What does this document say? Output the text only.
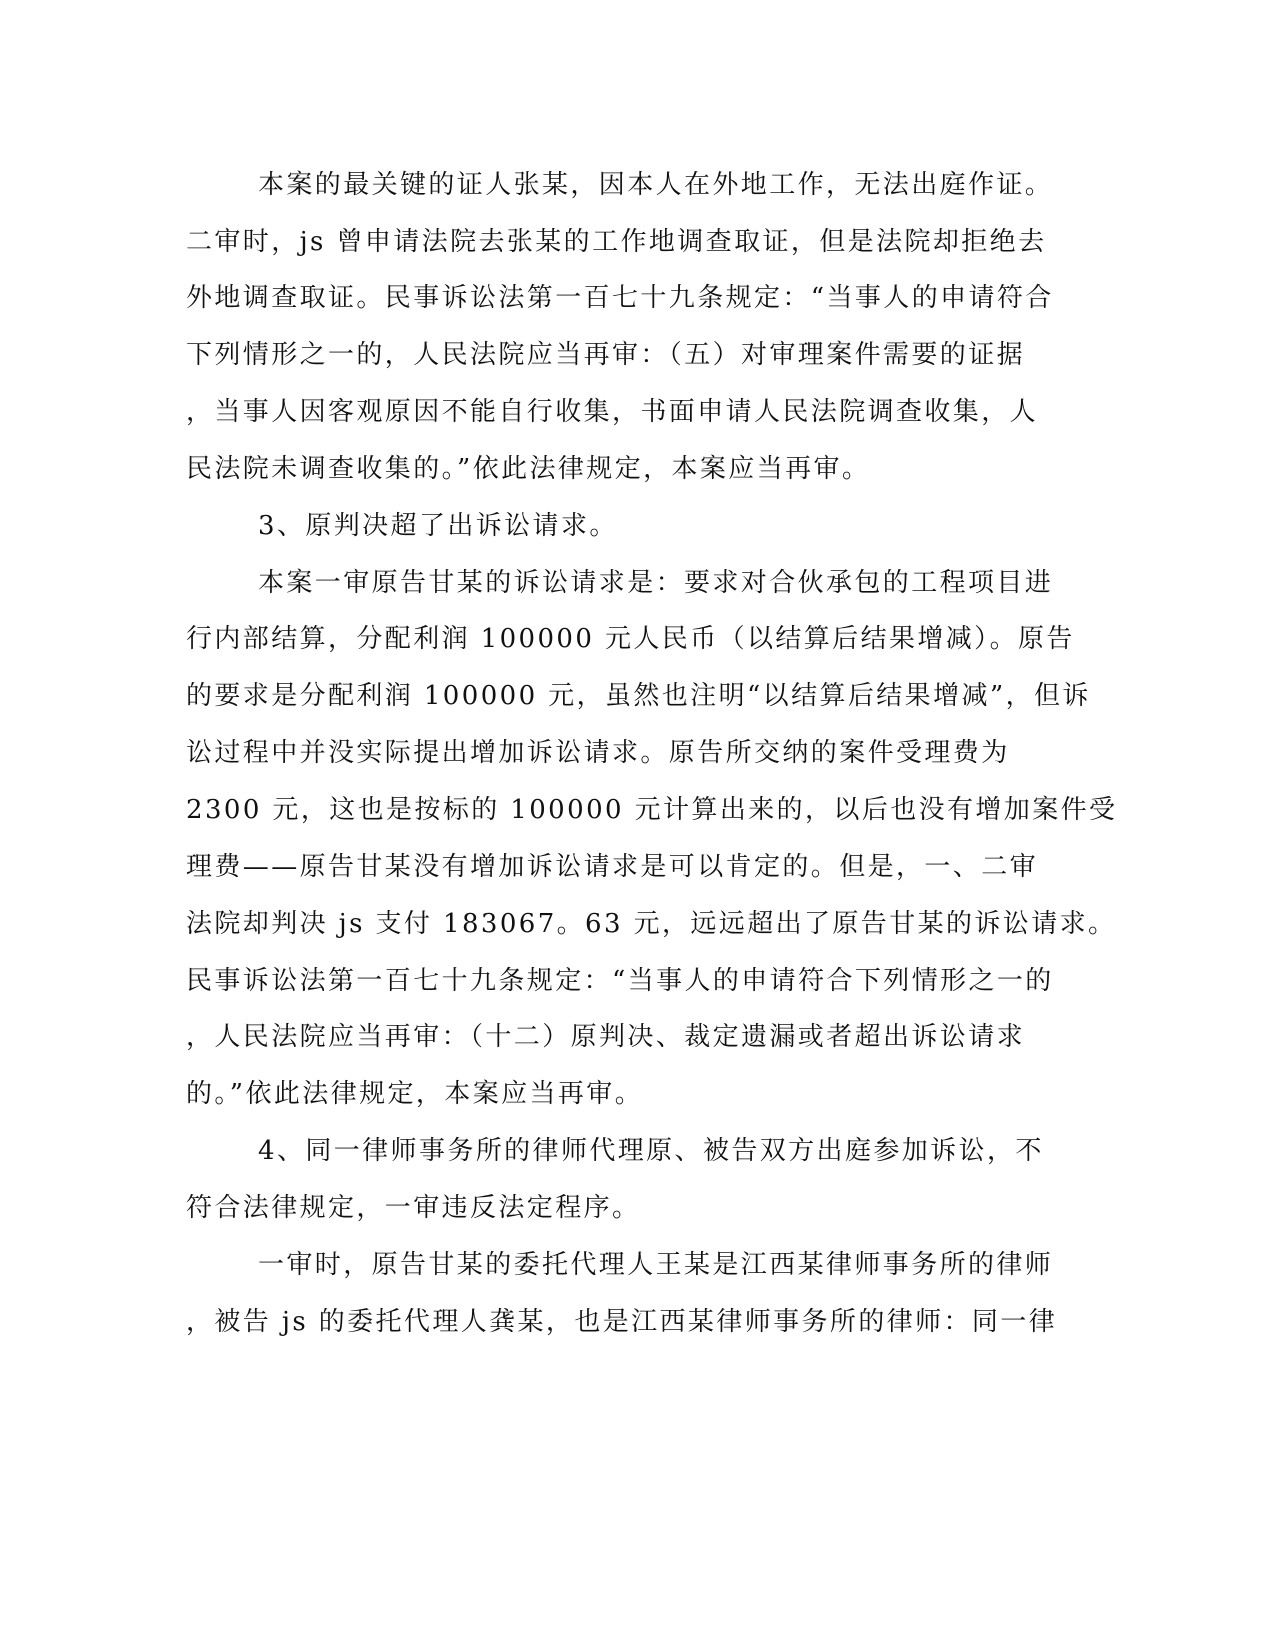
本案的最关键的证人张某，因本人在外地工作，无法出庭作证。
二审时，js 曾申请法院去张某的工作地调查取证，但是法院却拒绝去
外地调查取证。民事诉讼法第一百七十九条规定：“当事人的申请符合
下列情形之一的，人民法院应当再审：（五）对审理案件需要的证据
，当事人因客观原因不能自行收集，书面申请人民法院调查收集，人
民法院未调查收集的。”依此法律规定，本案应当再审。
3、原判决超了出诉讼请求。
本案一审原告甘某的诉讼请求是：要求对合伙承包的工程项目进
行内部结算，分配利润 100000 元人民币（以结算后结果增减）。原告
的要求是分配利润 100000 元，虽然也注明“以结算后结果增减”，但诉
讼过程中并没实际提出增加诉讼请求。原告所交纳的案件受理费为
2300 元，这也是按标的 100000 元计算出来的，以后也没有增加案件受
理费——原告甘某没有增加诉讼请求是可以肯定的。但是，一、二审
法院却判决 js 支付 183067。63 元，远远超出了原告甘某的诉讼请求。
民事诉讼法第一百七十九条规定：“当事人的申请符合下列情形之一的
，人民法院应当再审：（十二）原判决、裁定遗漏或者超出诉讼请求
的。”依此法律规定，本案应当再审。
4、同一律师事务所的律师代理原、被告双方出庭参加诉讼，不
符合法律规定，一审违反法定程序。
一审时，原告甘某的委托代理人王某是江西某律师事务所的律师
，被告 js 的委托代理人龚某，也是江西某律师事务所的律师：同一律
